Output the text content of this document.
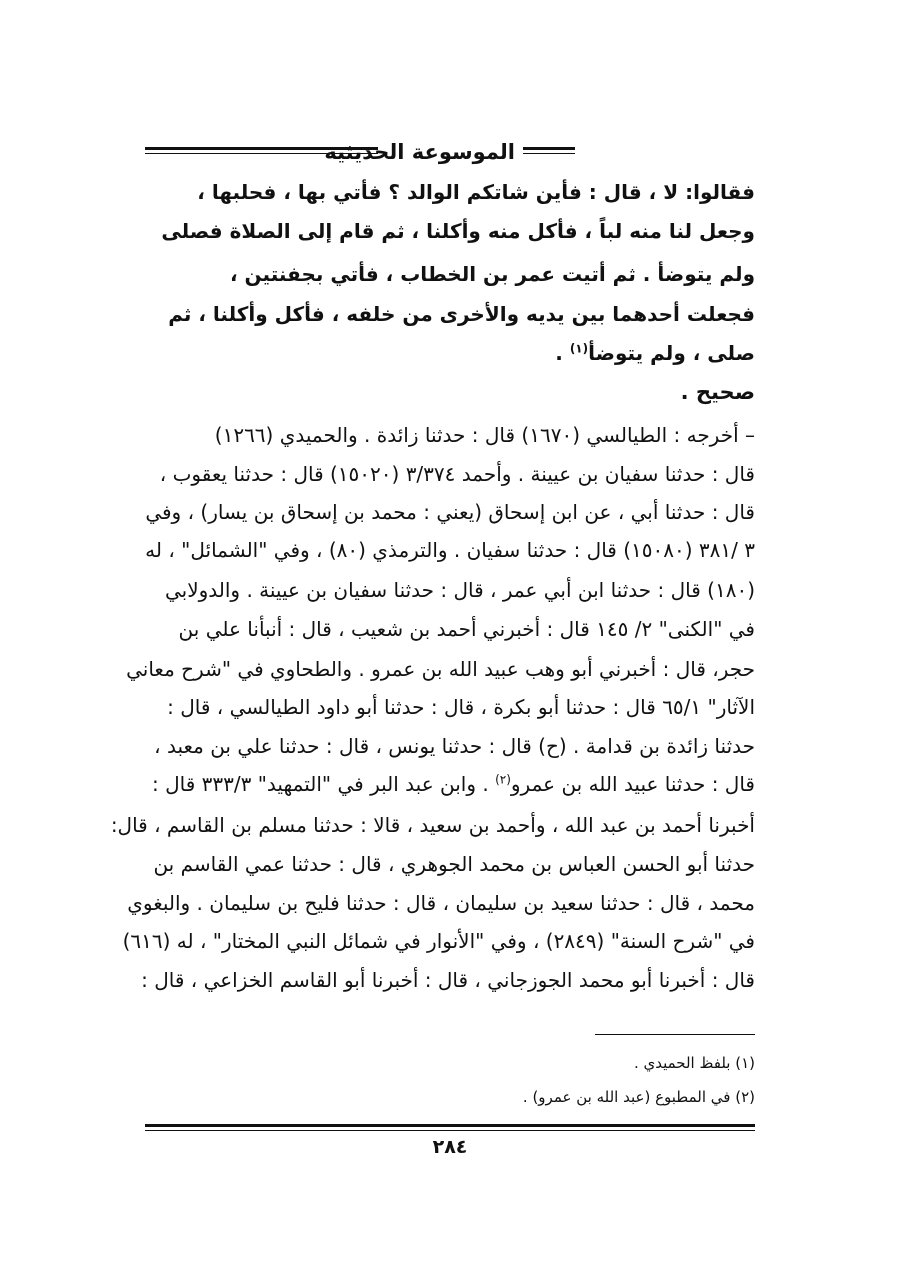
الموسوعة الحديثية
فقالوا: لا ، قال : فأين شاتكم الوالد ؟ فأتي بها ، فحلبها ،
وجعل لنا منه لباً ، فأكل منه وأكلنا ، ثم قام إلى الصلاة فصلى
ولم يتوضأ . ثم أتيت عمر بن الخطاب ، فأتي بجفنتين ،
فجعلت أحدهما بين يديه والأخرى من خلفه ، فأكل وأكلنا ، ثم
صلى ، ولم يتوضأ$^{(١)}$ .
صحيح .
– أخرجه : الطيالسي (١٦٧٠) قال : حدثنا زائدة . والحميدي (١٢٦٦)
قال : حدثنا سفيان بن عيينة . وأحمد ٣/٣٧٤ (١٥٠٢٠) قال : حدثنا يعقوب ،
قال : حدثنا أبي ، عن ابن إسحاق (يعني : محمد بن إسحاق بن يسار) ، وفي
٣ /٣٨١ (١٥٠٨٠) قال : حدثنا سفيان . والترمذي (٨٠) ، وفي "الشمائل" ، له
(١٨٠) قال : حدثنا ابن أبي عمر ، قال : حدثنا سفيان بن عيينة . والدولابي
في "الكنى" ٢/ ١٤٥ قال : أخبرني أحمد بن شعيب ، قال : أنبأنا علي بن
حجر، قال : أخبرني أبو وهب عبيد الله بن عمرو . والطحاوي في "شرح معاني
الآثار" ٦٥/١ قال : حدثنا أبو بكرة ، قال : حدثنا أبو داود الطيالسي ، قال :
حدثنا زائدة بن قدامة . (ح) قال : حدثنا يونس ، قال : حدثنا علي بن معبد ،
قال : حدثنا عبيد الله بن عمرو$^{(٢)}$ . وابن عبد البر في "التمهيد" ٣٣٣/٣ قال :
أخبرنا أحمد بن عبد الله ، وأحمد بن سعيد ، قالا : حدثنا مسلم بن القاسم ، قال:
حدثنا أبو الحسن العباس بن محمد الجوهري ، قال : حدثنا عمي القاسم بن
محمد ، قال : حدثنا سعيد بن سليمان ، قال : حدثنا فليح بن سليمان . والبغوي
في "شرح السنة" (٢٨٤٩) ، وفي "الأنوار في شمائل النبي المختار" ، له (٦١٦)
قال : أخبرنا أبو محمد الجوزجاني ، قال : أخبرنا أبو القاسم الخزاعي ، قال :
(١) بلفظ الحميدي .
(٢) في المطبوع (عبد الله بن عمرو) .
٢٨٤
